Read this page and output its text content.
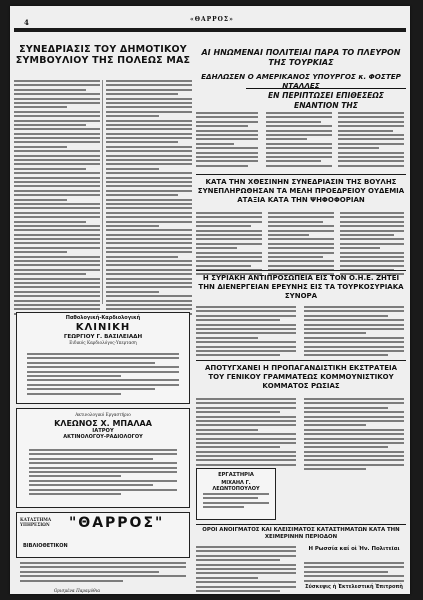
4	«ΘΑΡΡΟΣ»
ΣΥΝΕΔΡΙΑΣΙΣ ΤΟΥ ΔΗΜΟΤΙΚΟΥ ΣΥΜΒΟΥΛΙΟΥ ΤΗΣ ΠΟΛΕΩΣ ΜΑΣ
Παθολογική-Καρδιολογική
ΚΛΙΝΙΚΗ
ΓΕΩΡΓΙΟΥ Γ. ΒΑΣΙΛΕΙΑΔΗ
Ειδικός Καρδιολόγος-Υπερταση
Ακτινολογικό Εργαστήριο
ΚΛΕΩΝΟΣ Χ. ΜΠΑΛΑΑ
ΙΑΤΡΟΥ
ΑΚΤΙΝΟΛΟΓΟΥ-ΡΑΔΙΟΛΟΓΟΥ
ΚΑΤΑΣΤΗΜΑ ΥΠΗΡΕΣΙΩΝ	"ΘΑΡΡΟΣ"
ΒΙΒΛΙΟΘΕΤΙΚΟΝ
Ορισμένα Παραμύθια
ΑΙ ΗΝΩΜΕΝΑΙ ΠΟΛΙΤΕΙΑΙ ΠΑΡΑ ΤΟ ΠΛΕΥΡΟΝ ΤΗΣ ΤΟΥΡΚΙΑΣ
ΕΔΗΛΩΣΕΝ Ο ΑΜΕΡΙΚΑΝΟΣ ΥΠΟΥΡΓΟΣ κ. ΦΟΣΤΕΡ ΝΤΑΛΛΕΣ
ΕΝ ΠΕΡΙΠΤΩΣΕΙ ΕΠΙΘΕΣΕΩΣ ΕΝΑΝΤΙΟΝ ΤΗΣ
ΚΑΤΑ ΤΗΝ ΧΘΕΣΙΝΗΝ ΣΥΝΕΔΡΙΑΣΙΝ ΤΗΣ ΒΟΥΛΗΣ ΣΥΝΕΠΛΗΡΩΘΗΣΑΝ ΤΑ ΜΕΛΗ ΠΡΟΕΔΡΕΙΟΥ ΟΥΔΕΜΙΑ ΑΤΑΞΙΑ ΚΑΤΑ ΤΗΝ ΨΗΦΟΦΟΡΙΑΝ
Η ΣΥΡΙΑΚΗ ΑΝΤΙΠΡΟΣΩΠΕΙΑ ΕΙΣ ΤΟΝ Ο.Η.Ε. ΖΗΤΕΙ ΤΗΝ ΔΙΕΝΕΡΓΕΙΑΝ ΕΡΕΥΝΗΣ ΕΙΣ ΤΑ ΤΟΥΡΚΟΣΥΡΙΑΚΑ ΣΥΝΟΡΑ
ΑΠΟΤΥΓΧΑΝΕΙ Η ΠΡΟΠΑΓΑΝΔΙΣΤΙΚΗ ΕΚΣΤΡΑΤΕΙΑ ΤΟΥ ΓΕΝΙΚΟΥ ΓΡΑΜΜΑΤΕΩΣ ΚΟΜΜΟΥΝΙΣΤΙΚΟΥ ΚΟΜΜΑΤΟΣ ΡΩΣΙΑΣ
ΕΡΓΑΣΤΗΡΙΑ
ΜΙΧΑΗΛ Γ. ΛΕΩΝΤΟΠΟΥΛΟΥ
ΟΡΟΙ ΑΝΟΙΓΜΑΤΟΣ ΚΑΙ ΚΛΕΙΣΙΜΑΤΟΣ ΚΑΤΑΣΤΗΜΑΤΩΝ ΚΑΤΑ ΤΗΝ ΧΕΙΜΕΡΙΝΗΝ ΠΕΡΙΟΔΟΝ
Η Ρωσσία καί οἱ Ἡν. Πολιτεῖαι
Σύσκεψις ἡ Ἐκτελεστική Ἐπιτροπὴ
